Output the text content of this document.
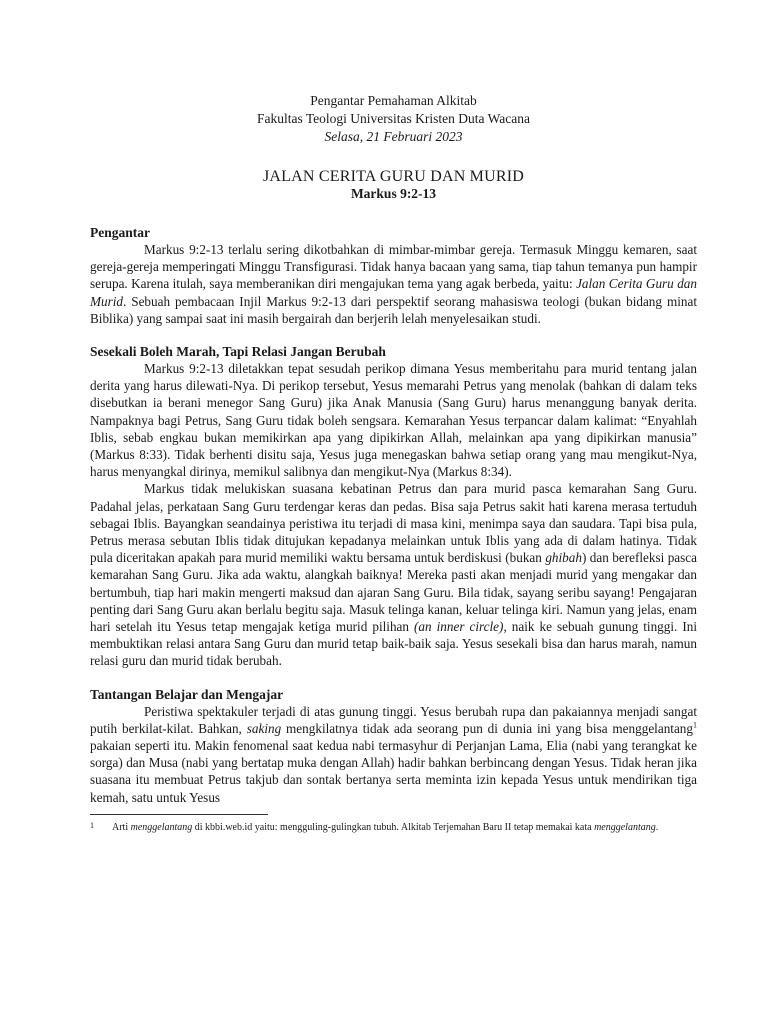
Pengantar Pemahaman Alkitab
Fakultas Teologi Universitas Kristen Duta Wacana
Selasa, 21 Februari 2023
JALAN CERITA GURU DAN MURID
Markus 9:2-13
Pengantar

Markus 9:2-13 terlalu sering dikotbahkan di mimbar-mimbar gereja. Termasuk Minggu kemaren, saat gereja-gereja memperingati Minggu Transfigurasi. Tidak hanya bacaan yang sama, tiap tahun temanya pun hampir serupa. Karena itulah, saya memberanikan diri mengajukan tema yang agak berbeda, yaitu: Jalan Cerita Guru dan Murid. Sebuah pembacaan Injil Markus 9:2-13 dari perspektif seorang mahasiswa teologi (bukan bidang minat Biblika) yang sampai saat ini masih bergairah dan berjerih lelah menyelesaikan studi.

Sesekali Boleh Marah, Tapi Relasi Jangan Berubah

Markus 9:2-13 diletakkan tepat sesudah perikop dimana Yesus memberitahu para murid tentang jalan derita yang harus dilewati-Nya. Di perikop tersebut, Yesus memarahi Petrus yang menolak (bahkan di dalam teks disebutkan ia berani menegor Sang Guru) jika Anak Manusia (Sang Guru) harus menanggung banyak derita. Nampaknya bagi Petrus, Sang Guru tidak boleh sengsara. Kemarahan Yesus terpancar dalam kalimat: “Enyahlah Iblis, sebab engkau bukan memikirkan apa yang dipikirkan Allah, melainkan apa yang dipikirkan manusia” (Markus 8:33). Tidak berhenti disitu saja, Yesus juga menegaskan bahwa setiap orang yang mau mengikut-Nya, harus menyangkal dirinya, memikul salibnya dan mengikut-Nya (Markus 8:34).

Markus tidak melukiskan suasana kebatinan Petrus dan para murid pasca kemarahan Sang Guru. Padahal jelas, perkataan Sang Guru terdengar keras dan pedas. Bisa saja Petrus sakit hati karena merasa tertuduh sebagai Iblis. Bayangkan seandainya peristiwa itu terjadi di masa kini, menimpa saya dan saudara. Tapi bisa pula, Petrus merasa sebutan Iblis tidak ditujukan kepadanya melainkan untuk Iblis yang ada di dalam hatinya. Tidak pula diceritakan apakah para murid memiliki waktu bersama untuk berdiskusi (bukan ghibah) dan berefleksi pasca kemarahan Sang Guru. Jika ada waktu, alangkah baiknya! Mereka pasti akan menjadi murid yang mengakar dan bertumbuh, tiap hari makin mengerti maksud dan ajaran Sang Guru. Bila tidak, sayang seribu sayang! Pengajaran penting dari Sang Guru akan berlalu begitu saja. Masuk telinga kanan, keluar telinga kiri. Namun yang jelas, enam hari setelah itu Yesus tetap mengajak ketiga murid pilihan (an inner circle), naik ke sebuah gunung tinggi. Ini membuktikan relasi antara Sang Guru dan murid tetap baik-baik saja. Yesus sesekali bisa dan harus marah, namun relasi guru dan murid tidak berubah.

Tantangan Belajar dan Mengajar

Peristiwa spektakuler terjadi di atas gunung tinggi. Yesus berubah rupa dan pakaiannya menjadi sangat putih berkilat-kilat. Bahkan, saking mengkilatnya tidak ada seorang pun di dunia ini yang bisa menggelantang$^1$ pakaian seperti itu. Makin fenomenal saat kedua nabi termasyhur di Perjanjan Lama, Elia (nabi yang terangkat ke sorga) dan Musa (nabi yang bertatap muka dengan Allah) hadir bahkan berbincang dengan Yesus. Tidak heran jika suasana itu membuat Petrus takjub dan sontak bertanya serta meminta izin kepada Yesus untuk mendirikan tiga kemah, satu untuk Yesus

1 Arti menggelantang di kbbi.web.id yaitu: mengguling-gulingkan tubuh. Alkitab Terjemahan Baru II tetap memakai kata menggelantang.
